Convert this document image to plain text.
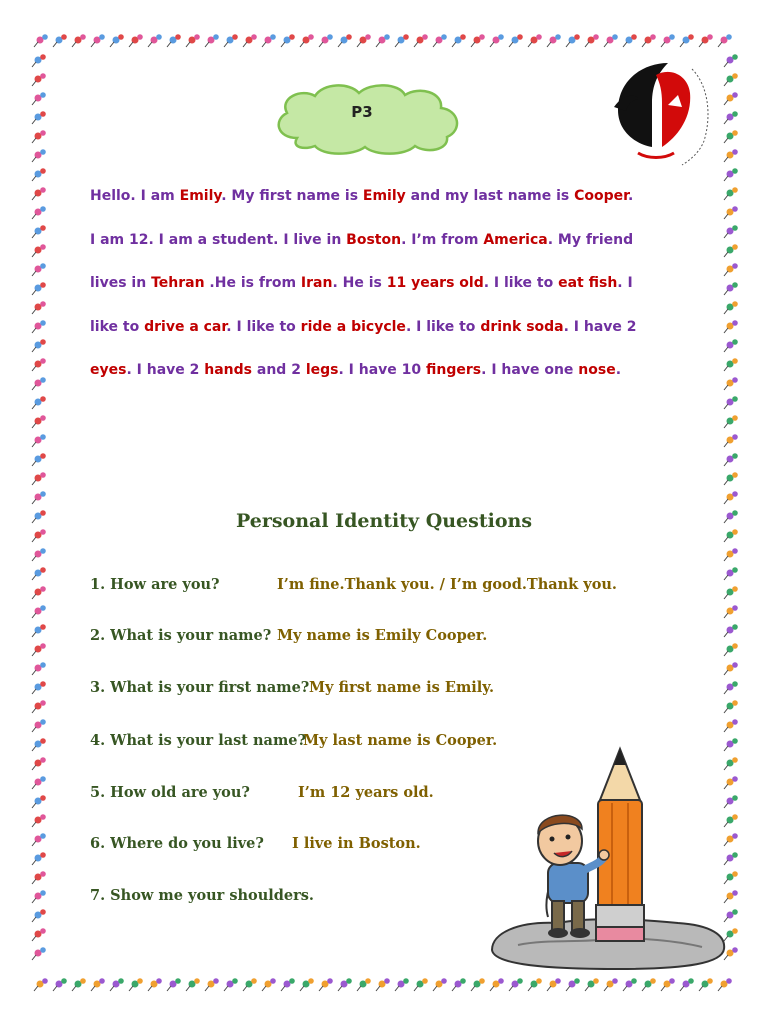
P3
Hello. I am Emily. My first name is Emily and my last name is Cooper.
I am 12. I am a student. I live in Boston. I’m from America. My friend
lives in Tehran .He is from Iran. He is 11 years old. I like to eat fish. I
like to drive a car. I like to ride a bicycle. I like to drink soda. I have 2
eyes. I have 2 hands and 2 legs. I have 10 fingers. I have one nose.
Personal Identity Questions
1. How are you?	I’m fine.Thank you. / I’m good.Thank you.
2. What is your name? My name is Emily Cooper.
3. What is your first name? My first name is Emily.
4. What is your last name?
My last name is Cooper.
5. How old are you?	I’m 12 years old.
6. Where do you live? I live in Boston.
7. Show me your shoulders.
